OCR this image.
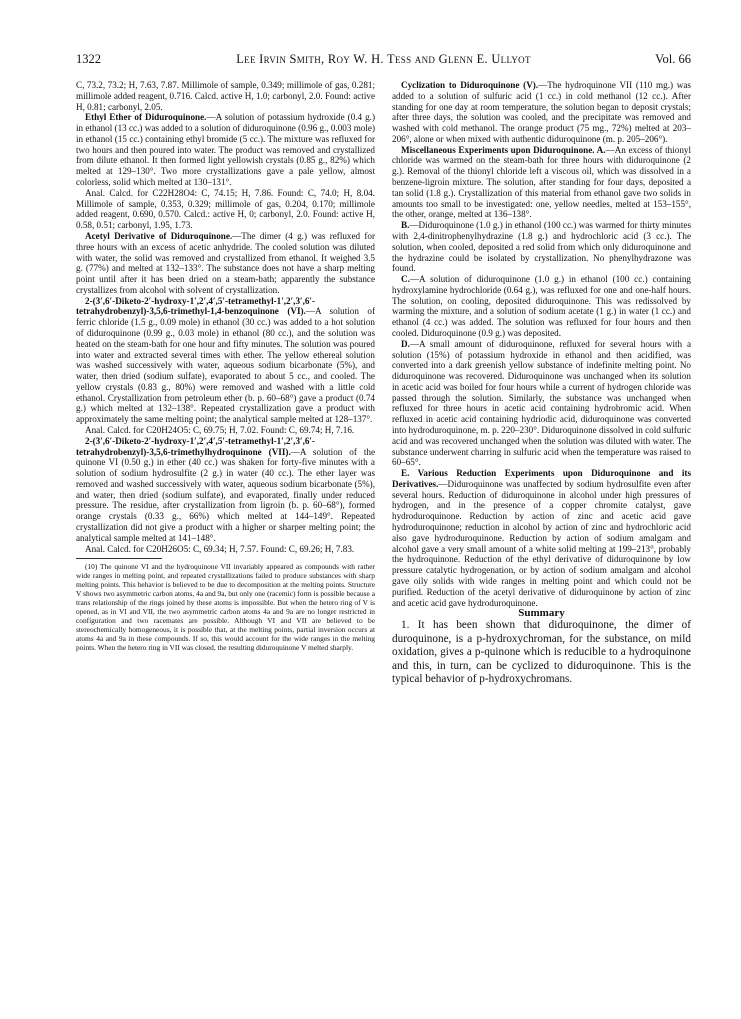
1322	Lee Irvin Smith, Roy W. H. Tess and Glenn E. Ullyot	Vol. 66

C, 73.2, 73.2; H, 7.63, 7.87. Millimole of sample, 0.349; millimole of gas, 0.281; millimole added reagent, 0.716. Calcd. active H, 1.0; carbonyl, 2.0. Found: active H, 0.81; carbonyl, 2.05.

Ethyl Ether of Diduroquinone.—A solution of potassium hydroxide (0.4 g.) in ethanol (13 cc.) was added to a solution of diduroquinone (0.96 g., 0.003 mole) in ethanol (15 cc.) containing ethyl bromide (5 cc.). The mixture was refluxed for two hours and then poured into water. The product was removed and crystallized from dilute ethanol. It then formed light yellowish crystals (0.85 g., 82%) which melted at 129–130°. Two more crystallizations gave a pale yellow, almost colorless, solid which melted at 130–131°.

Anal. Calcd. for C22H28O4: C, 74.15; H, 7.86. Found: C, 74.0; H, 8.04. Millimole of sample, 0.353, 0.329; millimole of gas, 0.204, 0.170; millimole added reagent, 0.690, 0.570. Calcd.: active H, 0; carbonyl, 2.0. Found: active H, 0.58, 0.51; carbonyl, 1.95, 1.73.

Acetyl Derivative of Diduroquinone.—The dimer (4 g.) was refluxed for three hours with an excess of acetic anhydride. The cooled solution was diluted with water, the solid was removed and crystallized from ethanol. It weighed 3.5 g. (77%) and melted at 132–133°. The substance does not have a sharp melting point until after it has been dried on a steam-bath; apparently the substance crystallizes from alcohol with solvent of crystallization.

2-(3′,6′-Diketo-2′-hydroxy-1′,2′,4′,5′-tetramethyl-1′,2′,3′,6′-tetrahydrobenzyl)-3,5,6-trimethyl-1,4-benzoquinone (VI).—A solution of ferric chloride (1.5 g., 0.09 mole) in ethanol (30 cc.) was added to a hot solution of diduroquinone (0.99 g., 0.03 mole) in ethanol (80 cc.), and the solution was heated on the steam-bath for one hour and fifty minutes. The solution was poured into water and extracted several times with ether. The yellow ethereal solution was washed successively with water, aqueous sodium bicarbonate (5%), and water, then dried (sodium sulfate), evaporated to about 5 cc., and cooled. The yellow crystals (0.83 g., 80%) were removed and washed with a little cold ethanol. Crystallization from petroleum ether (b. p. 60–68°) gave a product (0.74 g.) which melted at 132–138°. Repeated crystallization gave a product with approximately the same melting point; the analytical sample melted at 128–137°.

Anal. Calcd. for C20H24O5: C, 69.75; H, 7.02. Found: C, 69.74; H, 7.16.

2-(3′,6′-Diketo-2′-hydroxy-1′,2′,4′,5′-tetramethyl-1′,2′,3′,6′-tetrahydrobenzyl)-3,5,6-trimethylhydroquinone (VII).—A solution of the quinone VI (0.50 g.) in ether (40 cc.) was shaken for forty-five minutes with a solution of sodium hydrosulfite (2 g.) in water (40 cc.). The ether layer was removed and washed successively with water, aqueous sodium bicarbonate (5%), and water, then dried (sodium sulfate), and evaporated, finally under reduced pressure. The residue, after crystallization from ligroin (b. p. 60–68°), formed orange crystals (0.33 g., 66%) which melted at 144–149°. Repeated crystallization did not give a product with a higher or sharper melting point; the analytical sample melted at 141–148°.

Anal. Calcd. for C20H26O5: C, 69.34; H, 7.57. Found: C, 69.26; H, 7.83.

(10) The quinone VI and the hydroquinone VII invariably appeared as compounds with rather wide ranges in melting point, and repeated crystallizations failed to produce substances with sharp melting points. This behavior is believed to be due to decomposition at the melting points. Structure V shows two asymmetric carbon atoms, 4a and 9a, but only one (racemic) form is possible because a trans relationship of the rings joined by these atoms is impossible. But when the hetero ring of V is opened, as in VI and VII, the two asymmetric carbon atoms 4a and 9a are no longer restricted in configuration and two racemates are possible. Although VI and VII are believed to be stereochemically homogeneous, it is possible that, at the melting points, partial inversion occurs at atoms 4a and 9a in these compounds. If so, this would account for the wide ranges in the melting points. When the hetero ring in VII was closed, the resulting diduroquinone V melted sharply.

Cyclization to Diduroquinone (V).—The hydroquinone VII (110 mg.) was added to a solution of sulfuric acid (1 cc.) in cold methanol (12 cc.). After standing for one day at room temperature, the solution began to deposit crystals; after three days, the solution was cooled, and the precipitate was removed and washed with cold methanol. The orange product (75 mg., 72%) melted at 203–206°, alone or when mixed with authentic diduroquinone (m. p. 205–206°).

Miscellaneous Experiments upon Diduroquinone. A.—An excess of thionyl chloride was warmed on the steam-bath for three hours with diduroquinone (2 g.). Removal of the thionyl chloride left a viscous oil, which was dissolved in a benzene-ligroin mixture. The solution, after standing for four days, deposited a tan solid (1.8 g.). Crystallization of this material from ethanol gave two solids in amounts too small to be investigated: one, yellow needles, melted at 153–155°, the other, orange, melted at 136–138°.

B.—Diduroquinone (1.0 g.) in ethanol (100 cc.) was warmed for thirty minutes with 2,4-dinitrophenylhydrazine (1.8 g.) and hydrochloric acid (3 cc.). The solution, when cooled, deposited a red solid from which only diduroquinone and the hydrazine could be isolated by crystallization. No phenylhydrazone was found.

C.—A solution of diduroquinone (1.0 g.) in ethanol (100 cc.) containing hydroxylamine hydrochloride (0.64 g.), was refluxed for one and one-half hours. The solution, on cooling, deposited diduroquinone. This was redissolved by warming the mixture, and a solution of sodium acetate (1 g.) in water (1 cc.) and ethanol (4 cc.) was added. The solution was refluxed for four hours and then cooled. Diduroquinone (0.9 g.) was deposited.

D.—A small amount of diduroquinone, refluxed for several hours with a solution (15%) of potassium hydroxide in ethanol and then acidified, was converted into a dark greenish yellow substance of indefinite melting point. No diduroquinone was recovered. Diduroquinone was unchanged when its solution in acetic acid was boiled for four hours while a current of hydrogen chloride was passed through the solution. Similarly, the substance was unchanged when refluxed for three hours in acetic acid containing hydrobromic acid. When refluxed in acetic acid containing hydriodic acid, diduroquinone was converted into hydroduroquinone, m. p. 220–230°. Diduroquinone dissolved in cold sulfuric acid and was recovered unchanged when the solution was diluted with water. The substance underwent charring in sulfuric acid when the temperature was raised to 60–65°.

E. Various Reduction Experiments upon Diduroquinone and its Derivatives.—Diduroquinone was unaffected by sodium hydrosulfite even after several hours. Reduction of diduroquinone in alcohol under high pressures of hydrogen, and in the presence of a copper chromite catalyst, gave hydroduroquinone. Reduction by action of zinc and acetic acid gave hydroduroquinone; reduction in alcohol by action of zinc and hydrochloric acid also gave hydroduroquinone. Reduction by action of sodium amalgam and alcohol gave a very small amount of a white solid melting at 199–213°, probably the hydroquinone. Reduction of the ethyl derivative of diduroquinone by low pressure catalytic hydrogenation, or by action of sodium amalgam and alcohol gave oily solids with wide ranges in melting point and which could not be purified. Reduction of the acetyl derivative of diduroquinone by action of zinc and acetic acid gave hydroduroquinone.

Summary

1. It has been shown that diduroquinone, the dimer of duroquinone, is a p-hydroxychroman, for the substance, on mild oxidation, gives a p-quinone which is reducible to a hydroquinone and this, in turn, can be cyclized to diduroquinone. This is the typical behavior of p-hydroxychromans.
